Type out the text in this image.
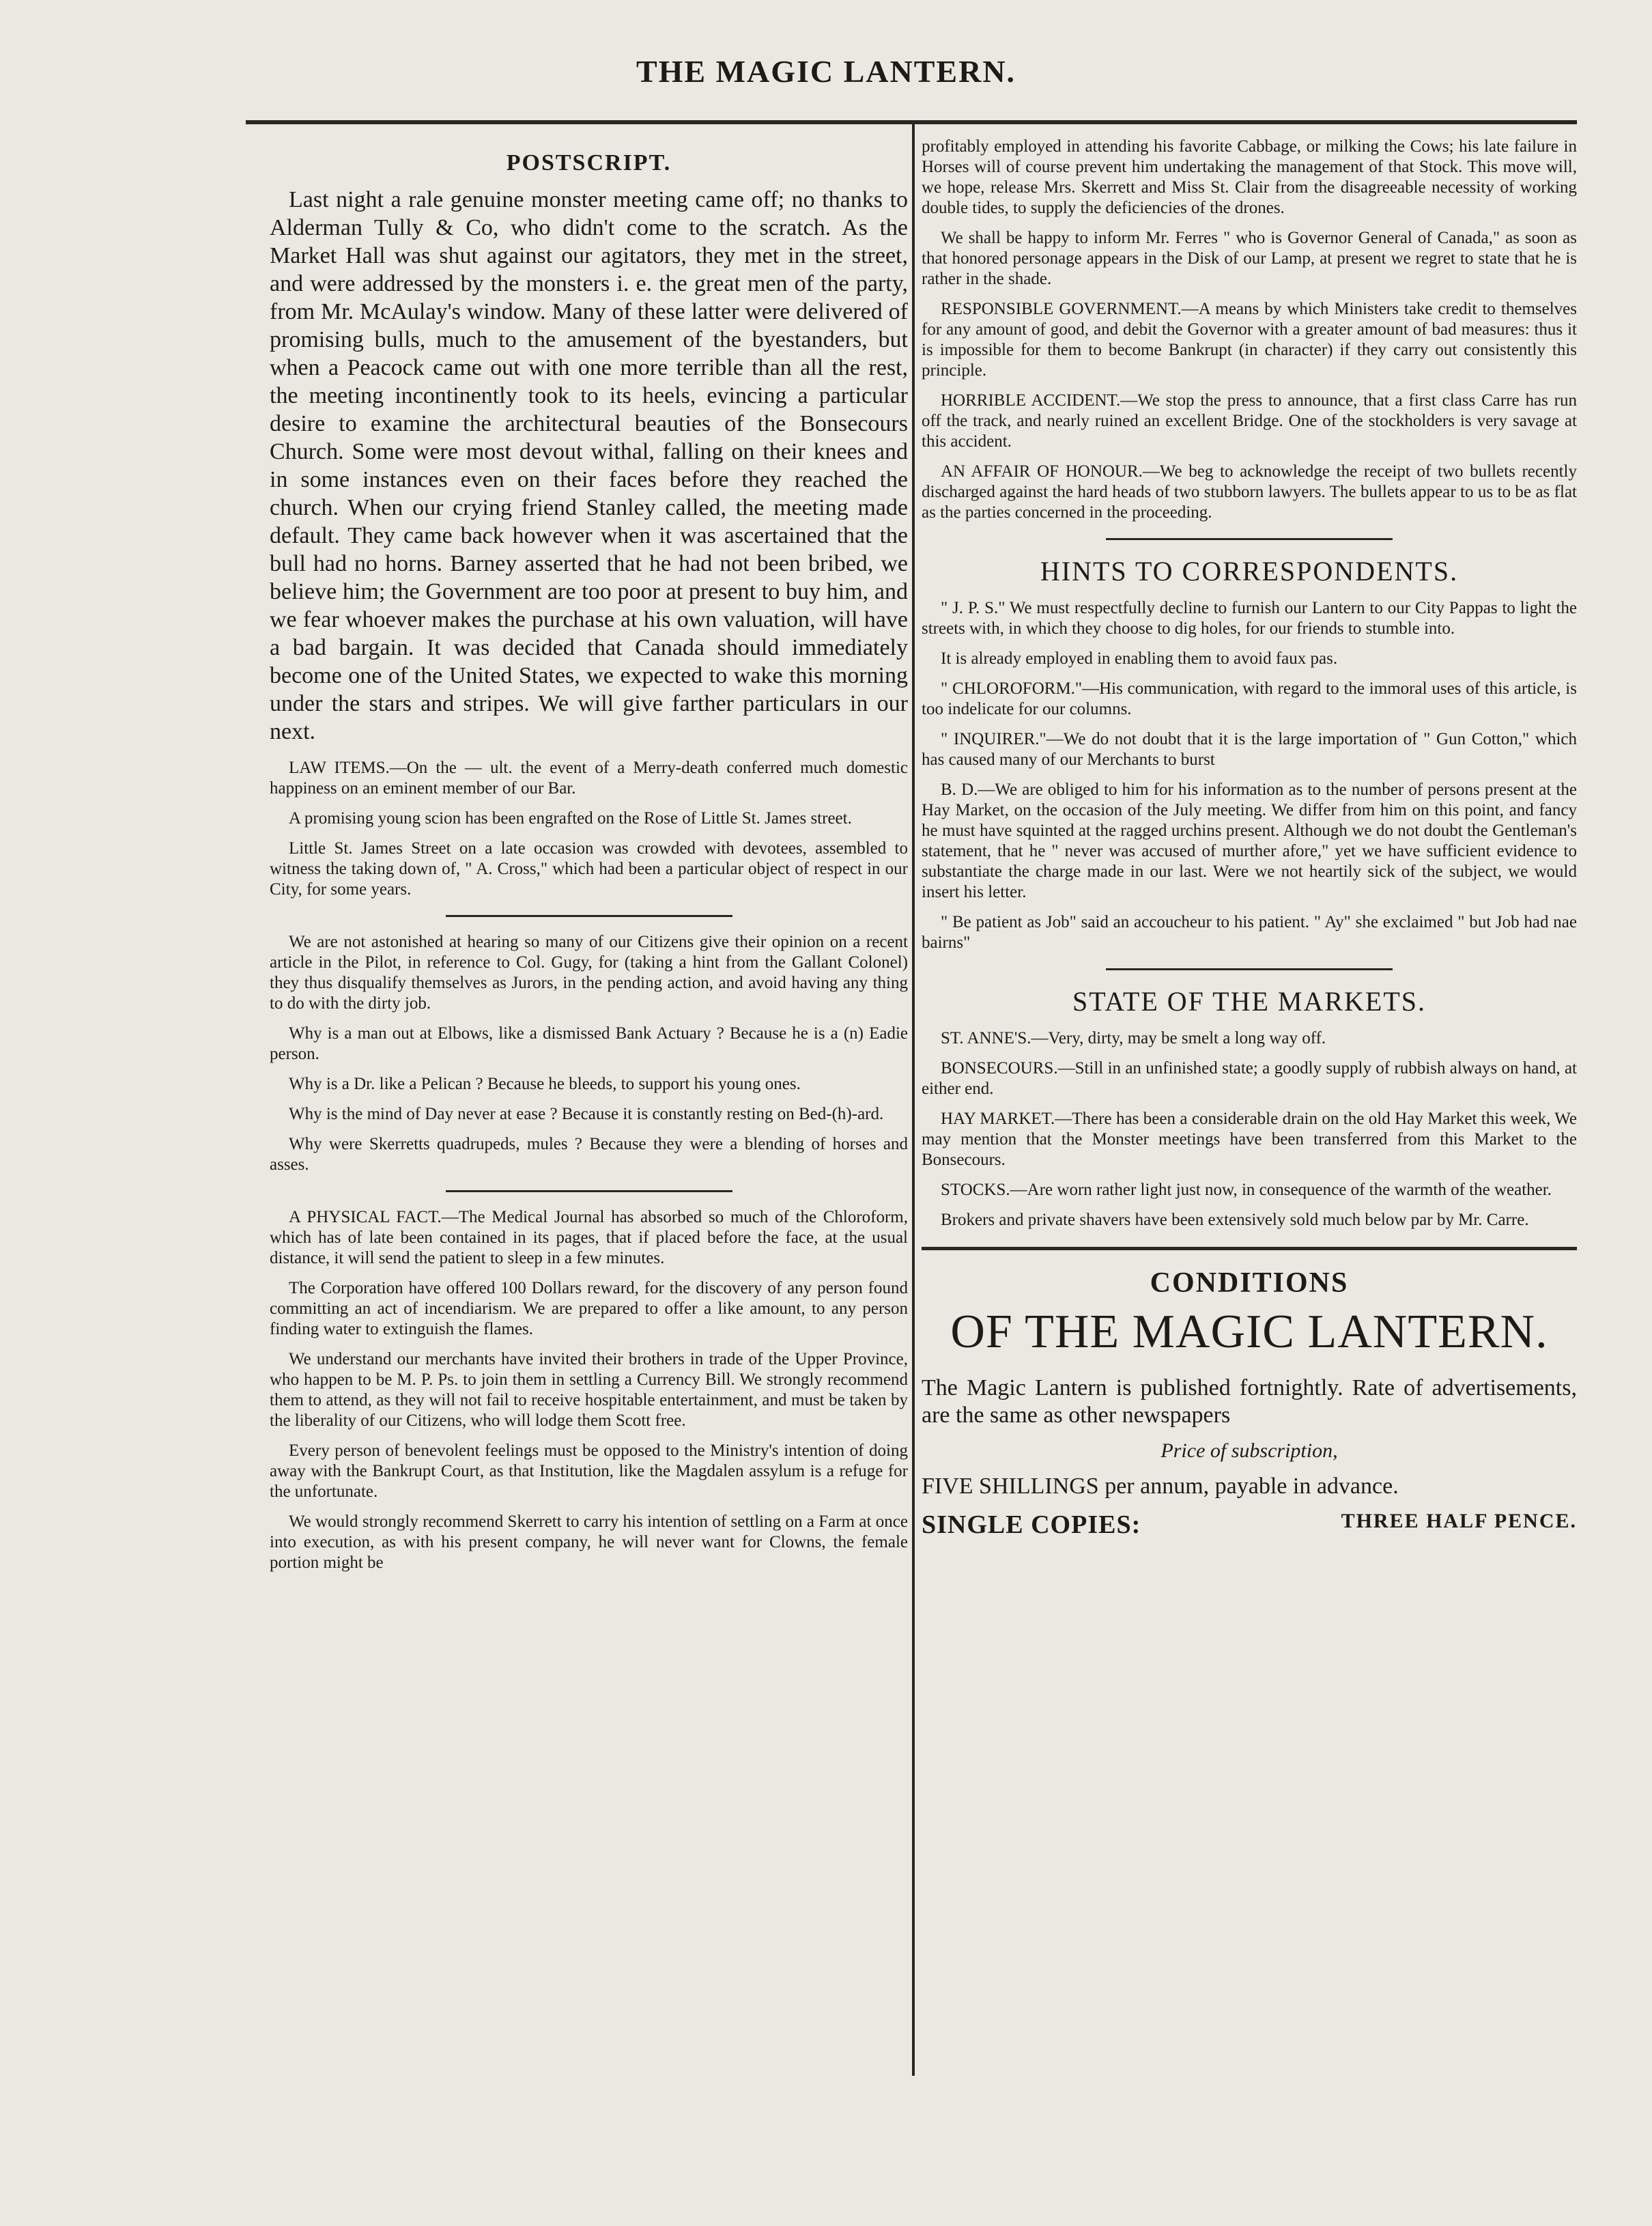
THE MAGIC LANTERN.
POSTSCRIPT.

Last night a rale genuine monster meeting came off; no thanks to Alderman Tully & Co, who didn't come to the scratch. As the Market Hall was shut against our agitators, they met in the street, and were addressed by the monsters i. e. the great men of the party, from Mr. McAulay's window. Many of these latter were delivered of promising bulls, much to the amusement of the byestanders, but when a Peacock came out with one more terrible than all the rest, the meeting incontinently took to its heels, evincing a particular desire to examine the architectural beauties of the Bonsecours Church. Some were most devout withal, falling on their knees and in some instances even on their faces before they reached the church. When our crying friend Stanley called, the meeting made default. They came back however when it was ascertained that the bull had no horns. Barney asserted that he had not been bribed, we believe him; the Government are too poor at present to buy him, and we fear whoever makes the purchase at his own valuation, will have a bad bargain. It was decided that Canada should immediately become one of the United States, we expected to wake this morning under the stars and stripes. We will give farther particulars in our next.

LAW ITEMS.—On the — ult. the event of a Merry-death conferred much domestic happiness on an eminent member of our Bar.

A promising young scion has been engrafted on the Rose of Little St. James street.

Little St. James Street on a late occasion was crowded with devotees, assembled to witness the taking down of, " A. Cross," which had been a particular object of respect in our City, for some years.

We are not astonished at hearing so many of our Citizens give their opinion on a recent article in the Pilot, in reference to Col. Gugy, for (taking a hint from the Gallant Colonel) they thus disqualify themselves as Jurors, in the pending action, and avoid having any thing to do with the dirty job.

Why is a man out at Elbows, like a dismissed Bank Actuary ? Because he is a (n) Eadie person.

Why is a Dr. like a Pelican ? Because he bleeds, to support his young ones.

Why is the mind of Day never at ease ? Because it is constantly resting on Bed-(h)-ard.

Why were Skerretts quadrupeds, mules ? Because they were a blending of horses and asses.

A PHYSICAL FACT.—The Medical Journal has absorbed so much of the Chloroform, which has of late been contained in its pages, that if placed before the face, at the usual distance, it will send the patient to sleep in a few minutes.

The Corporation have offered 100 Dollars reward, for the discovery of any person found committing an act of incendiarism. We are prepared to offer a like amount, to any person finding water to extinguish the flames.

We understand our merchants have invited their brothers in trade of the Upper Province, who happen to be M. P. Ps. to join them in settling a Currency Bill. We strongly recommend them to attend, as they will not fail to receive hospitable entertainment, and must be taken by the liberality of our Citizens, who will lodge them Scott free.

Every person of benevolent feelings must be opposed to the Ministry's intention of doing away with the Bankrupt Court, as that Institution, like the Magdalen assylum is a refuge for the unfortunate.

We would strongly recommend Skerrett to carry his intention of settling on a Farm at once into execution, as with his present company, he will never want for Clowns, the female portion might be

profitably employed in attending his favorite Cabbage, or milking the Cows; his late failure in Horses will of course prevent him undertaking the management of that Stock. This move will, we hope, release Mrs. Skerrett and Miss St. Clair from the disagreeable necessity of working double tides, to supply the deficiencies of the drones.

We shall be happy to inform Mr. Ferres " who is Governor General of Canada," as soon as that honored personage appears in the Disk of our Lamp, at present we regret to state that he is rather in the shade.

RESPONSIBLE GOVERNMENT.—A means by which Ministers take credit to themselves for any amount of good, and debit the Governor with a greater amount of bad measures: thus it is impossible for them to become Bankrupt (in character) if they carry out consistently this principle.

HORRIBLE ACCIDENT.—We stop the press to announce, that a first class Carre has run off the track, and nearly ruined an excellent Bridge. One of the stockholders is very savage at this accident.

AN AFFAIR OF HONOUR.—We beg to acknowledge the receipt of two bullets recently discharged against the hard heads of two stubborn lawyers. The bullets appear to us to be as flat as the parties concerned in the proceeding.

HINTS TO CORRESPONDENTS.

" J. P. S." We must respectfully decline to furnish our Lantern to our City Pappas to light the streets with, in which they choose to dig holes, for our friends to stumble into.

It is already employed in enabling them to avoid faux pas.

" CHLOROFORM."—His communication, with regard to the immoral uses of this article, is too indelicate for our columns.

" INQUIRER."—We do not doubt that it is the large importation of " Gun Cotton," which has caused many of our Merchants to burst

B. D.—We are obliged to him for his information as to the number of persons present at the Hay Market, on the occasion of the July meeting. We differ from him on this point, and fancy he must have squinted at the ragged urchins present. Although we do not doubt the Gentleman's statement, that he " never was accused of murther afore," yet we have sufficient evidence to substantiate the charge made in our last. Were we not heartily sick of the subject, we would insert his letter.

" Be patient as Job" said an accoucheur to his patient. " Ay" she exclaimed " but Job had nae bairns"

STATE OF THE MARKETS.

ST. ANNE'S.—Very, dirty, may be smelt a long way off.

BONSECOURS.—Still in an unfinished state; a goodly supply of rubbish always on hand, at either end.

HAY MARKET.—There has been a considerable drain on the old Hay Market this week, We may mention that the Monster meetings have been transferred from this Market to the Bonsecours.

STOCKS.—Are worn rather light just now, in consequence of the warmth of the weather.

Brokers and private shavers have been extensively sold much below par by Mr. Carre.

CONDITIONS
OF THE MAGIC LANTERN.

The Magic Lantern is published fortnightly. Rate of advertisements, are the same as other newspapers

Price of subscription,

FIVE SHILLINGS per annum, payable in advance.

SINGLE COPIES:	THREE HALF PENCE.
